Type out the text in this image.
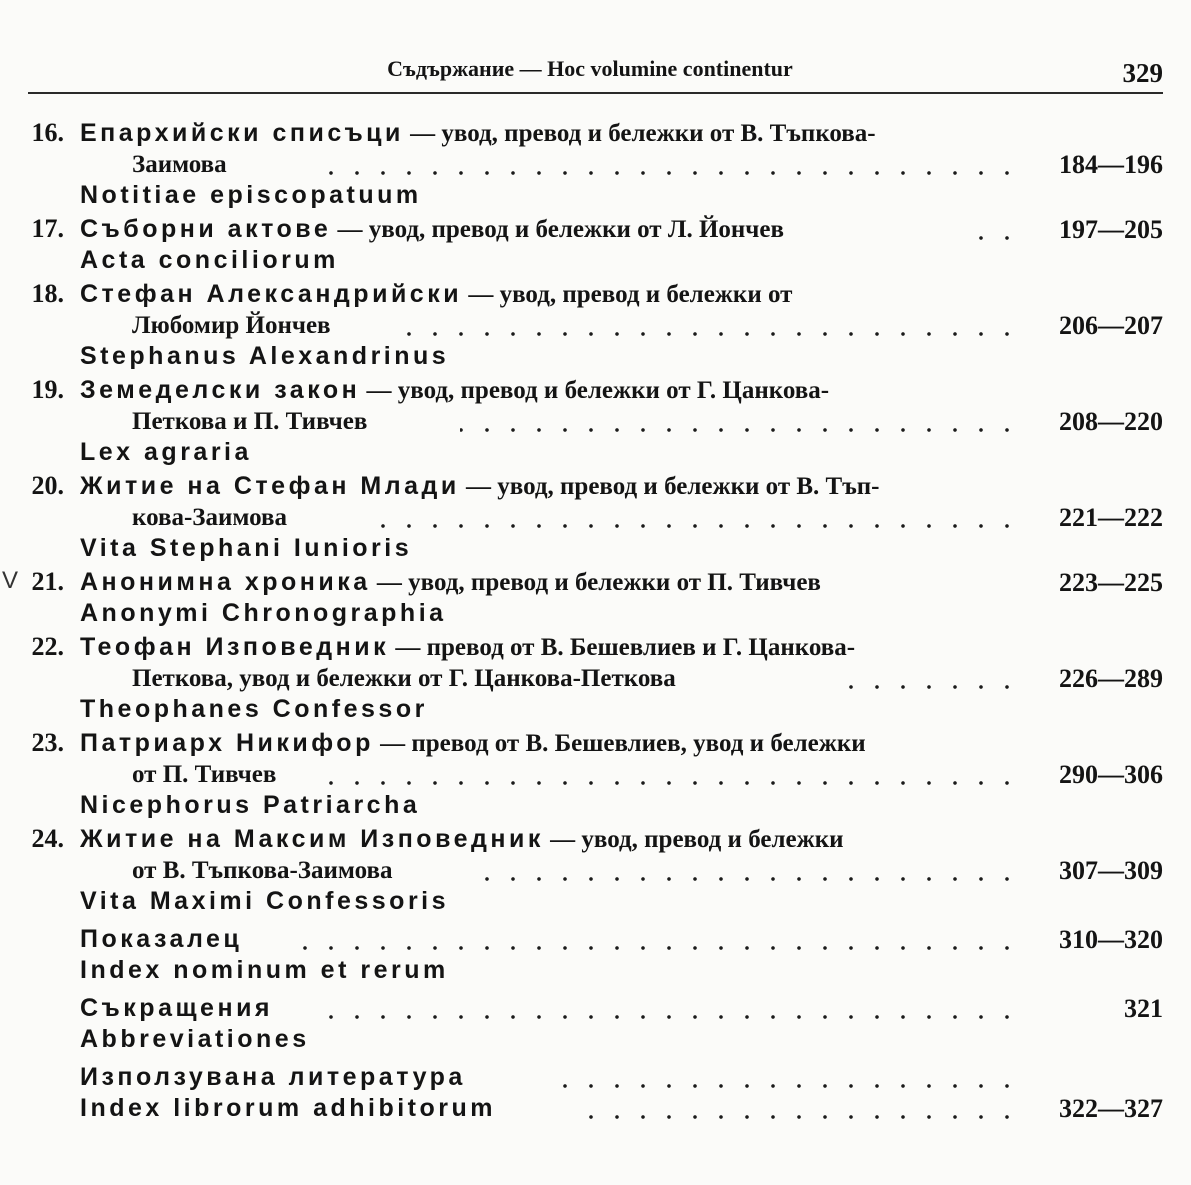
Съдържание — Hoc volumine continentur	329
16. Епархийски списъци — увод, превод и бележки от В. Тъпкова-
Заимова	184—196
Notitiae episcopatuum
17. Съборни актове — увод, превод и бележки от Л. Йончев	197—205
Acta conciliorum
18. Стефан Александрийски — увод, превод и бележки от
Любомир Йончев	206—207
Stephanus Alexandrinus
19. Земеделски закон — увод, превод и бележки от Г. Цанкова-
Петкова и П. Тивчев	208—220
Lex agraria
20. Житие на Стефан Млади — увод, превод и бележки от В. Тъп-
кова-Заимова	221—222
Vita Stephani Iunioris
V 21. Анонимна хроника — увод, превод и бележки от П. Тивчев	223—225
Anonymi Chronographia
22. Теофан Изповедник — превод от В. Бешевлиев и Г. Цанкова-
Петкова, увод и бележки от Г. Цанкова-Петкова	226—289
Theophanes Confessor
23. Патриарх Никифор — превод от В. Бешевлиев, увод и бележки
от П. Тивчев	290—306
Nicephorus Patriarcha
24. Житие на Максим Изповедник — увод, превод и бележки
от В. Тъпкова-Заимова	307—309
Vita Maximi Confessoris
Показалец	310—320
Index nominum et rerum
Съкращения	321
Abbreviationes
Използувана литература
Index librorum adhibitorum	322—327
